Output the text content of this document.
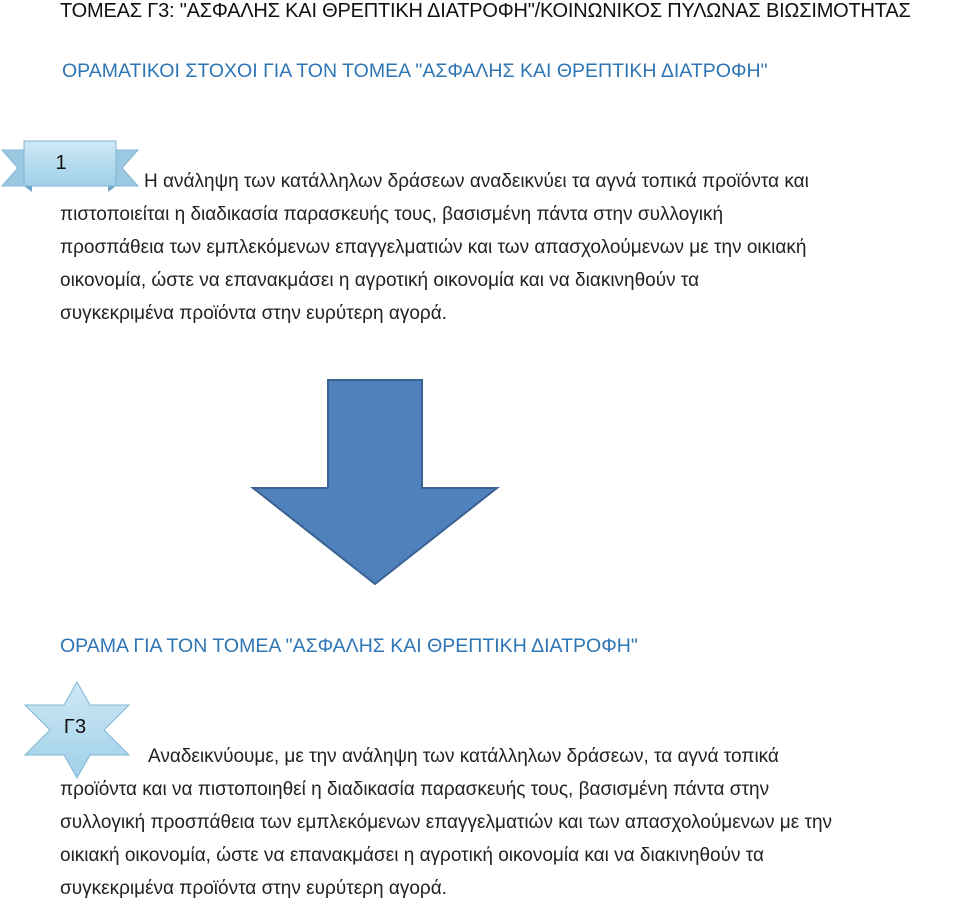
ΤΟΜΕΑΣ Γ3: "ΑΣΦΑΛΗΣ ΚΑΙ ΘΡΕΠΤΙΚΗ ΔΙΑΤΡΟΦΗ"/ΚΟΙΝΩΝΙΚΟΣ ΠΥΛΩΝΑΣ ΒΙΩΣΙΜΟΤΗΤΑΣ
ΟΡΑΜΑΤΙΚΟΙ ΣΤΟΧΟΙ ΓΙΑ ΤΟΝ ΤΟΜΕΑ "ΑΣΦΑΛΗΣ ΚΑΙ ΘΡΕΠΤΙΚΗ ΔΙΑΤΡΟΦΗ"
1
Η ανάληψη των κατάλληλων δράσεων αναδεικνύει τα αγνά τοπικά προϊόντα και
πιστοποιείται η διαδικασία παρασκευής τους, βασισμένη πάντα στην συλλογική
προσπάθεια των εμπλεκόμενων επαγγελματιών και των απασχολούμενων με την οικιακή
οικονομία, ώστε να επανακμάσει η αγροτική οικονομία και να διακινηθούν τα
συγκεκριμένα προϊόντα στην ευρύτερη αγορά.
ΟΡΑΜΑ ΓΙΑ ΤΟΝ ΤΟΜΕΑ "ΑΣΦΑΛΗΣ ΚΑΙ ΘΡΕΠΤΙΚΗ ΔΙΑΤΡΟΦΗ"
Γ3
Αναδεικνύουμε, με την ανάληψη των κατάλληλων δράσεων, τα αγνά τοπικά
προϊόντα και να πιστοποιηθεί η διαδικασία παρασκευής τους, βασισμένη πάντα στην
συλλογική προσπάθεια των εμπλεκόμενων επαγγελματιών και των απασχολούμενων με την
οικιακή οικονομία, ώστε να επανακμάσει η αγροτική οικονομία και να διακινηθούν τα
συγκεκριμένα προϊόντα στην ευρύτερη αγορά.
